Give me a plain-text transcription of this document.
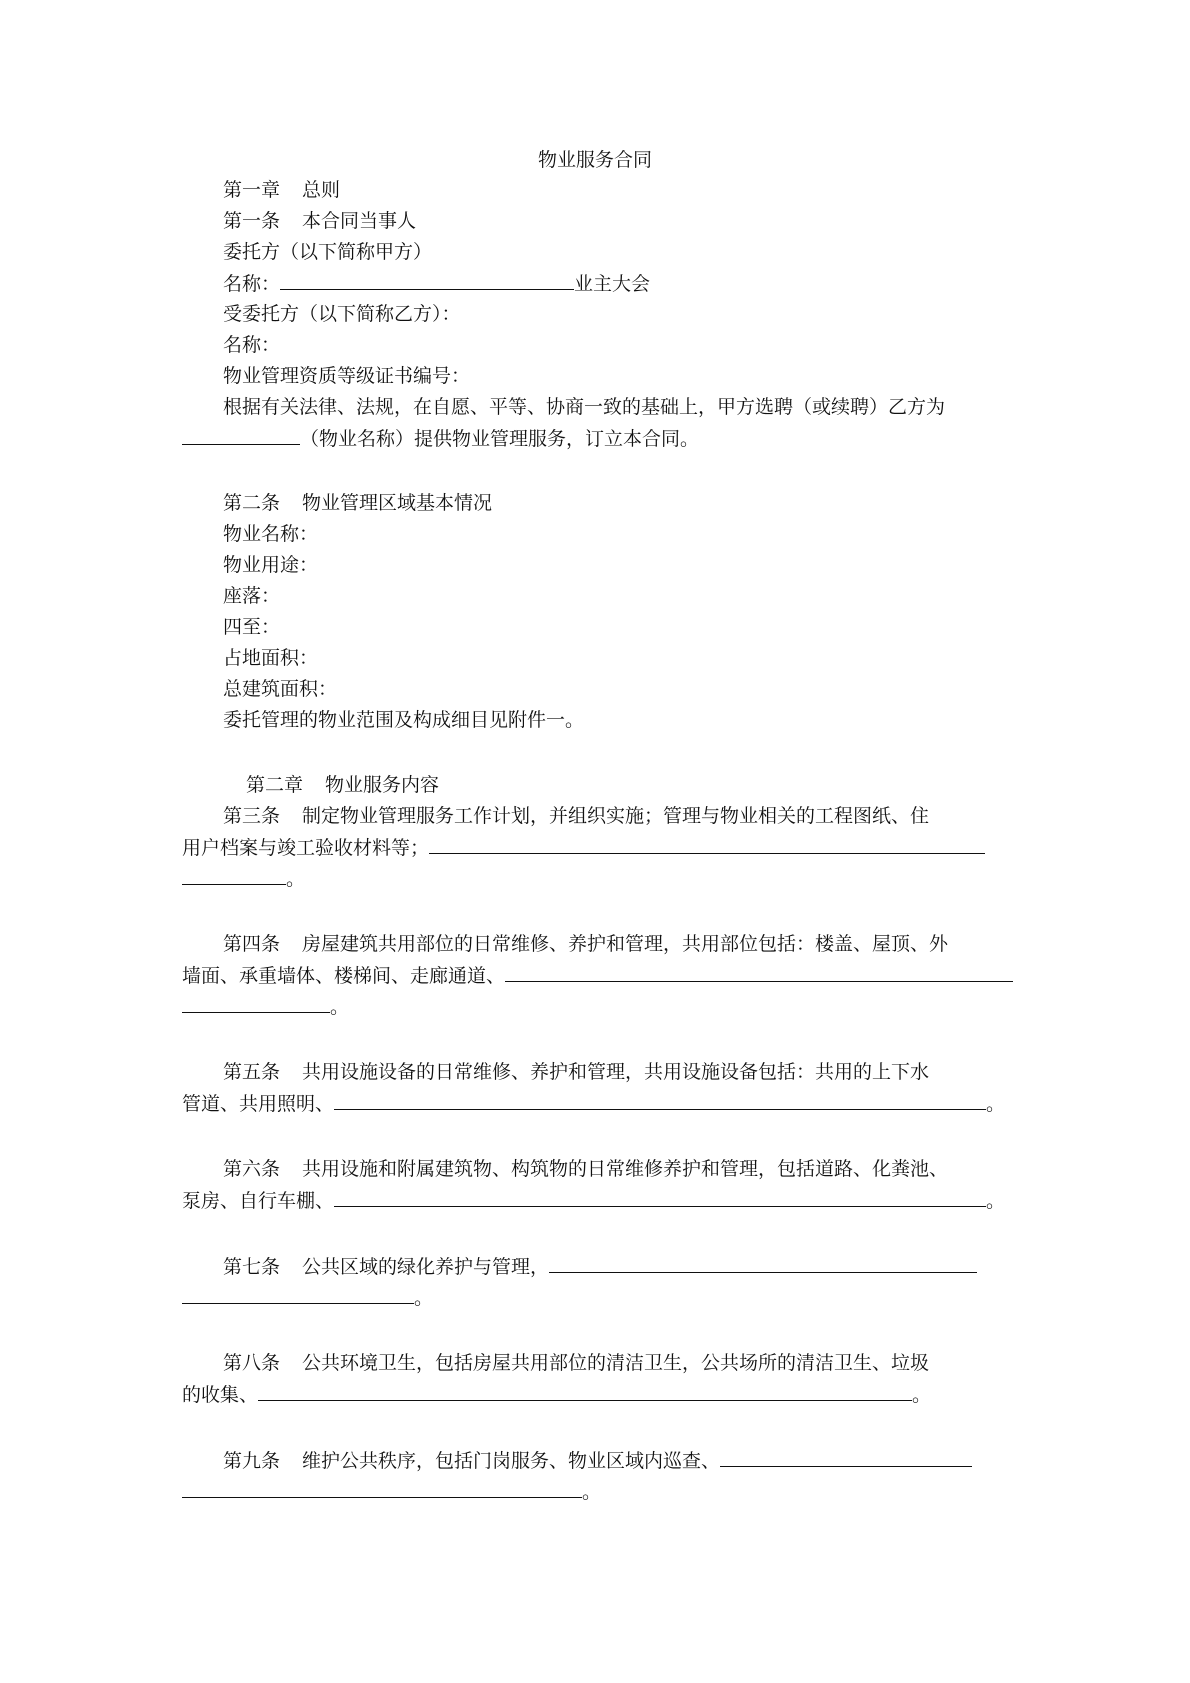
物业服务合同
第一章 总则
第一条 本合同当事人
委托方（以下简称甲方）
名称：	业主大会
受委托方（以下简称乙方）：
名称：
物业管理资质等级证书编号：
根据有关法律、法规，在自愿、平等、协商一致的基础上，甲方选聘（或续聘）乙方为
（物业名称）提供物业管理服务，订立本合同。
第二条 物业管理区域基本情况
物业名称：
物业用途：
座落：
四至：
占地面积：
总建筑面积：
委托管理的物业范围及构成细目见附件一。
第二章 物业服务内容
第三条 制定物业管理服务工作计划，并组织实施；管理与物业相关的工程图纸、住
用户档案与竣工验收材料等；
。
第四条 房屋建筑共用部位的日常维修、养护和管理，共用部位包括：楼盖、屋顶、外
墙面、承重墙体、楼梯间、走廊通道、
。
第五条 共用设施设备的日常维修、养护和管理，共用设施设备包括：共用的上下水
管道、共用照明、	。
第六条 共用设施和附属建筑物、构筑物的日常维修养护和管理，包括道路、化粪池、
泵房、自行车棚、	。
第七条 公共区域的绿化养护与管理，
。
第八条 公共环境卫生，包括房屋共用部位的清洁卫生，公共场所的清洁卫生、垃圾
的收集、	。
第九条 维护公共秩序，包括门岗服务、物业区域内巡查、
。
